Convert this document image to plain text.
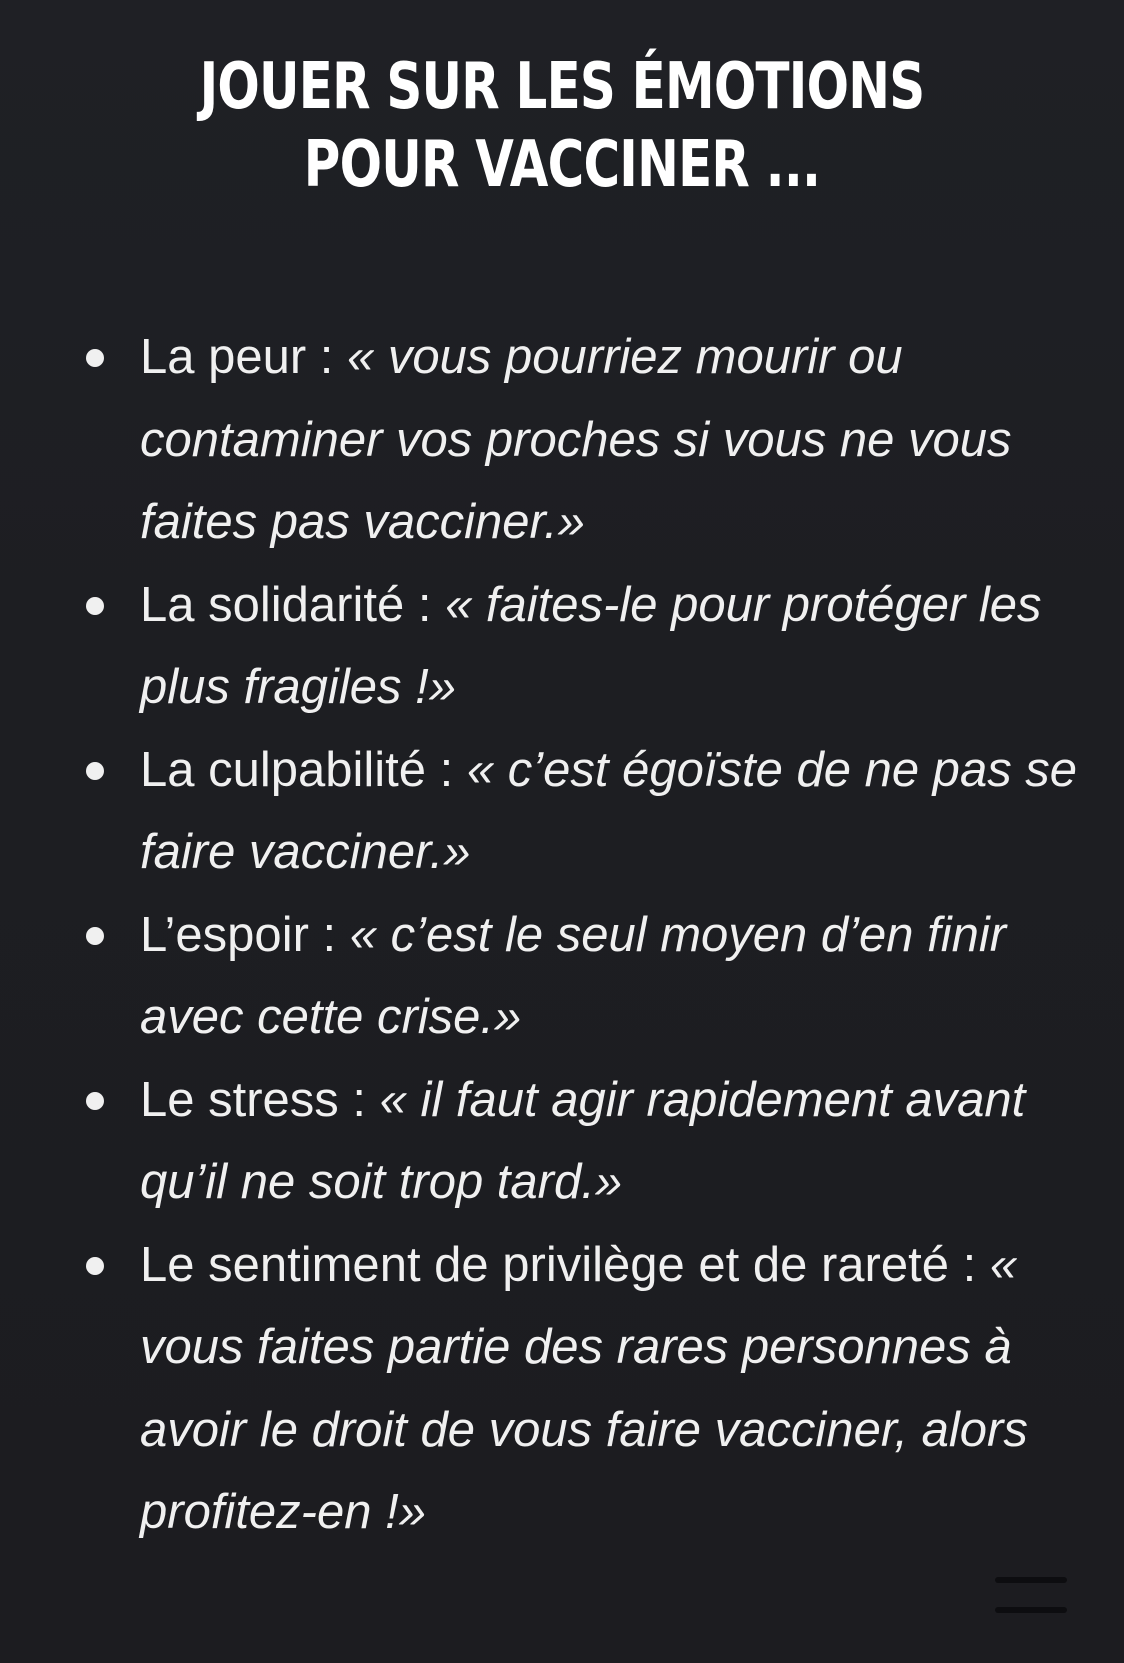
JOUER SUR LES ÉMOTIONS
POUR VACCINER ...
La peur : « vous pourriez mourir ou contaminer vos proches si vous ne vous faites pas vacciner.»
La solidarité : « faites-le pour protéger les plus fragiles !»
La culpabilité : « c’est égoïste de ne pas se faire vacciner.»
L’espoir : « c’est le seul moyen d’en finir avec cette crise.»
Le stress : « il faut agir rapidement avant qu’il ne soit trop tard.»
Le sentiment de privilège et de rareté : « vous faites partie des rares personnes à avoir le droit de vous faire vacciner, alors profitez-en !»
